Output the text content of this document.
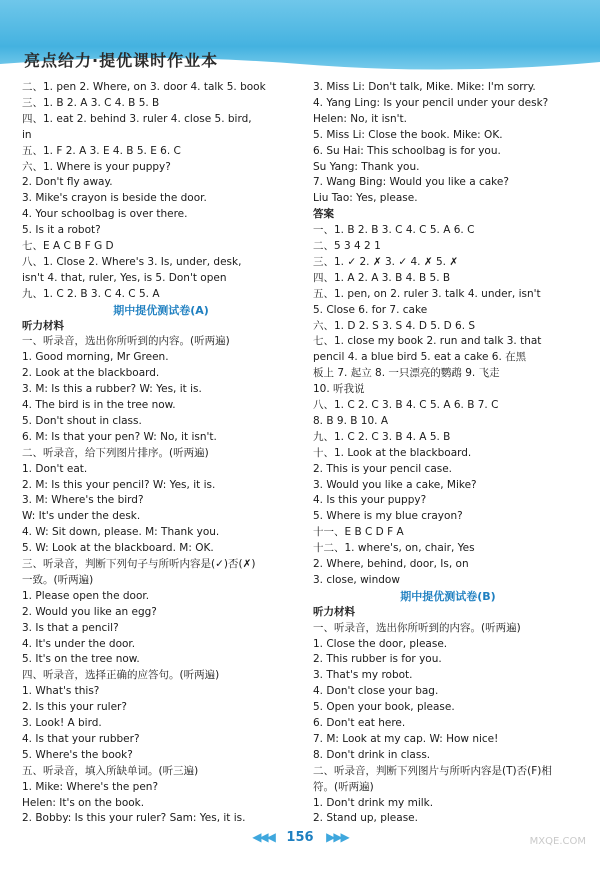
亮点给力·提优课时作业本
二、1. pen 2. Where, on 3. door 4. talk 5. book
三、1. B 2. A 3. C 4. B 5. B
四、1. eat 2. behind 3. ruler 4. close 5. bird,
in
五、1. F 2. A 3. E 4. B 5. E 6. C
六、1. Where is your puppy?
2. Don't fly away.
3. Mike's crayon is beside the door.
4. Your schoolbag is over there.
5. Is it a robot?
七、E A C B F G D
八、1. Close 2. Where's 3. Is, under, desk,
isn't 4. that, ruler, Yes, is 5. Don't open
九、1. C 2. B 3. C 4. C 5. A
期中提优测试卷(A)
听力材料
一、听录音，选出你所听到的内容。(听两遍)
1. Good morning, Mr Green.
2. Look at the blackboard.
3. M: Is this a rubber? W: Yes, it is.
4. The bird is in the tree now.
5. Don't shout in class.
6. M: Is that your pen? W: No, it isn't.
二、听录音，给下列图片排序。(听两遍)
1. Don't eat.
2. M: Is this your pencil? W: Yes, it is.
3. M: Where's the bird?
W: It's under the desk.
4. W: Sit down, please. M: Thank you.
5. W: Look at the blackboard. M: OK.
三、听录音，判断下列句子与所听内容是(✓)否(✗)
一致。(听两遍)
1. Please open the door.
2. Would you like an egg?
3. Is that a pencil?
4. It's under the door.
5. It's on the tree now.
四、听录音，选择正确的应答句。(听两遍)
1. What's this?
2. Is this your ruler?
3. Look! A bird.
4. Is that your rubber?
5. Where's the book?
五、听录音，填入所缺单词。(听三遍)
1. Mike: Where's the pen?
Helen: It's on the book.
2. Bobby: Is this your ruler? Sam: Yes, it is.
3. Miss Li: Don't talk, Mike. Mike: I'm sorry.
4. Yang Ling: Is your pencil under your desk?
Helen: No, it isn't.
5. Miss Li: Close the book. Mike: OK.
6. Su Hai: This schoolbag is for you.
Su Yang: Thank you.
7. Wang Bing: Would you like a cake?
Liu Tao: Yes, please.
答案
一、1. B 2. B 3. C 4. C 5. A 6. C
二、5 3 4 2 1
三、1. ✓ 2. ✗ 3. ✓ 4. ✗ 5. ✗
四、1. A 2. A 3. B 4. B 5. B
五、1. pen, on 2. ruler 3. talk 4. under, isn't
5. Close 6. for 7. cake
六、1. D 2. S 3. S 4. D 5. D 6. S
七、1. close my book 2. run and talk 3. that
pencil 4. a blue bird 5. eat a cake 6. 在黑
板上 7. 起立 8. 一只漂亮的鹦鹉 9. 飞走
10. 听我说
八、1. C 2. C 3. B 4. C 5. A 6. B 7. C
8. B 9. B 10. A
九、1. C 2. C 3. B 4. A 5. B
十、1. Look at the blackboard.
2. This is your pencil case.
3. Would you like a cake, Mike?
4. Is this your puppy?
5. Where is my blue crayon?
十一、E B C D F A
十二、1. where's, on, chair, Yes
2. Where, behind, door, Is, on
3. close, window
期中提优测试卷(B)
听力材料
一、听录音，选出你所听到的内容。(听两遍)
1. Close the door, please.
2. This rubber is for you.
3. That's my robot.
4. Don't close your bag.
5. Open your book, please.
6. Don't eat here.
7. M: Look at my cap. W: How nice!
8. Don't drink in class.
二、听录音，判断下列图片与所听内容是(T)否(F)相
符。(听两遍)
1. Don't drink my milk.
2. Stand up, please.
◀◀◀ 156 ▶▶▶	MXQE.COM
